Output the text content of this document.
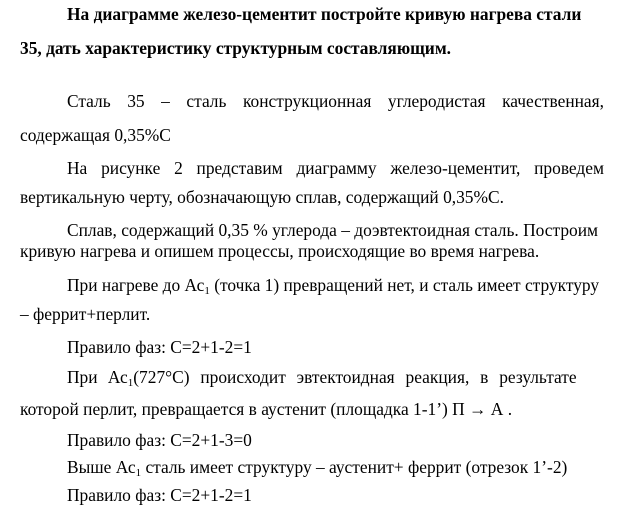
На диаграмме железо-цементит постройте кривую нагрева стали
35, дать характеристику структурным составляющим.
Сталь 35 – сталь конструкционная углеродистая качественная,
содержащая 0,35%С
На рисунке 2 представим диаграмму железо-цементит, проведем
вертикальную черту, обозначающую сплав, содержащий 0,35%С.
Сплав, содержащий 0,35 % углерода – доэвтектоидная сталь. Построим
кривую нагрева и опишем процессы, происходящие во время нагрева.
При нагреве до $Ас_1$ (точка 1) превращений нет, и сталь имеет структуру
– феррит+перлит.
Правило фаз: С=2+1-2=1
При $Ас_1(727^\circ С)$ происходит эвтектоидная реакция, в результате
которой перлит, превращается в аустенит (площадка 1-1’) П → А .
Правило фаз: С=2+1-3=0
Выше $Ас_1$ сталь имеет структуру – аустенит+ феррит (отрезок 1’-2)
Правило фаз: С=2+1-2=1
